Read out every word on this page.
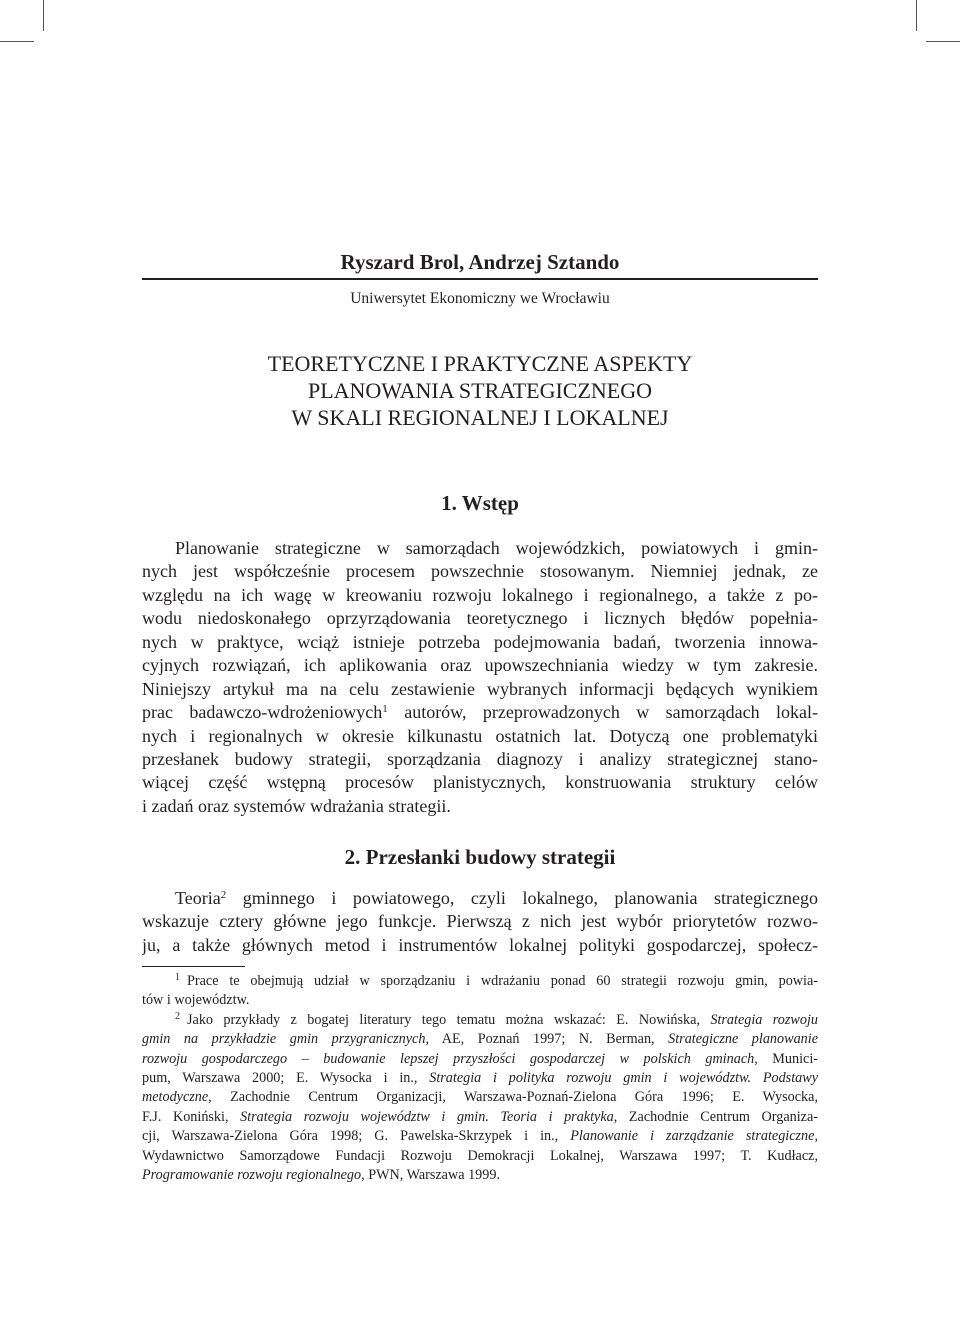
Ryszard Brol, Andrzej Sztando
Uniwersytet Ekonomiczny we Wrocławiu
TEORETYCZNE I PRAKTYCZNE ASPEKTY
PLANOWANIA STRATEGICZNEGO
W SKALI REGIONALNEJ I LOKALNEJ
1. Wstęp
Planowanie strategiczne w samorządach wojewódzkich, powiatowych i gmin-
nych jest współcześnie procesem powszechnie stosowanym. Niemniej jednak, ze
względu na ich wagę w kreowaniu rozwoju lokalnego i regionalnego, a także z po-
wodu niedoskonałego oprzyrządowania teoretycznego i licznych błędów popełnia-
nych w praktyce, wciąż istnieje potrzeba podejmowania badań, tworzenia innowa-
cyjnych rozwiązań, ich aplikowania oraz upowszechniania wiedzy w tym zakresie.
Niniejszy artykuł ma na celu zestawienie wybranych informacji będących wynikiem
prac badawczo-wdrożeniowych$^1$ autorów, przeprowadzonych w samorządach lokal-
nych i regionalnych w okresie kilkunastu ostatnich lat. Dotyczą one problematyki
przesłanek budowy strategii, sporządzania diagnozy i analizy strategicznej stano-
wiącej część wstępną procesów planistycznych, konstruowania struktury celów
i zadań oraz systemów wdrażania strategii.
2. Przesłanki budowy strategii
Teoria$^2$ gminnego i powiatowego, czyli lokalnego, planowania strategicznego
wskazuje cztery główne jego funkcje. Pierwszą z nich jest wybór priorytetów rozwo-
ju, a także głównych metod i instrumentów lokalnej polityki gospodarczej, społecz-
1 Prace te obejmują udział w sporządzaniu i wdrażaniu ponad 60 strategii rozwoju gmin, powia-
tów i województw.
2 Jako przykłady z bogatej literatury tego tematu można wskazać: E. Nowińska, Strategia rozwoju
gmin na przykładzie gmin przygranicznych, AE, Poznań 1997; N. Berman, Strategiczne planowanie
rozwoju gospodarczego – budowanie lepszej przyszłości gospodarczej w polskich gminach, Munici-
pum, Warszawa 2000; E. Wysocka i in., Strategia i polityka rozwoju gmin i województw. Podstawy
metodyczne, Zachodnie Centrum Organizacji, Warszawa-Poznań-Zielona Góra 1996; E. Wysocka,
F.J. Koniński, Strategia rozwoju województw i gmin. Teoria i praktyka, Zachodnie Centrum Organiza-
cji, Warszawa-Zielona Góra 1998; G. Pawelska-Skrzypek i in., Planowanie i zarządzanie strategiczne,
Wydawnictwo Samorządowe Fundacji Rozwoju Demokracji Lokalnej, Warszawa 1997; T. Kudłacz,
Programowanie rozwoju regionalnego, PWN, Warszawa 1999.
